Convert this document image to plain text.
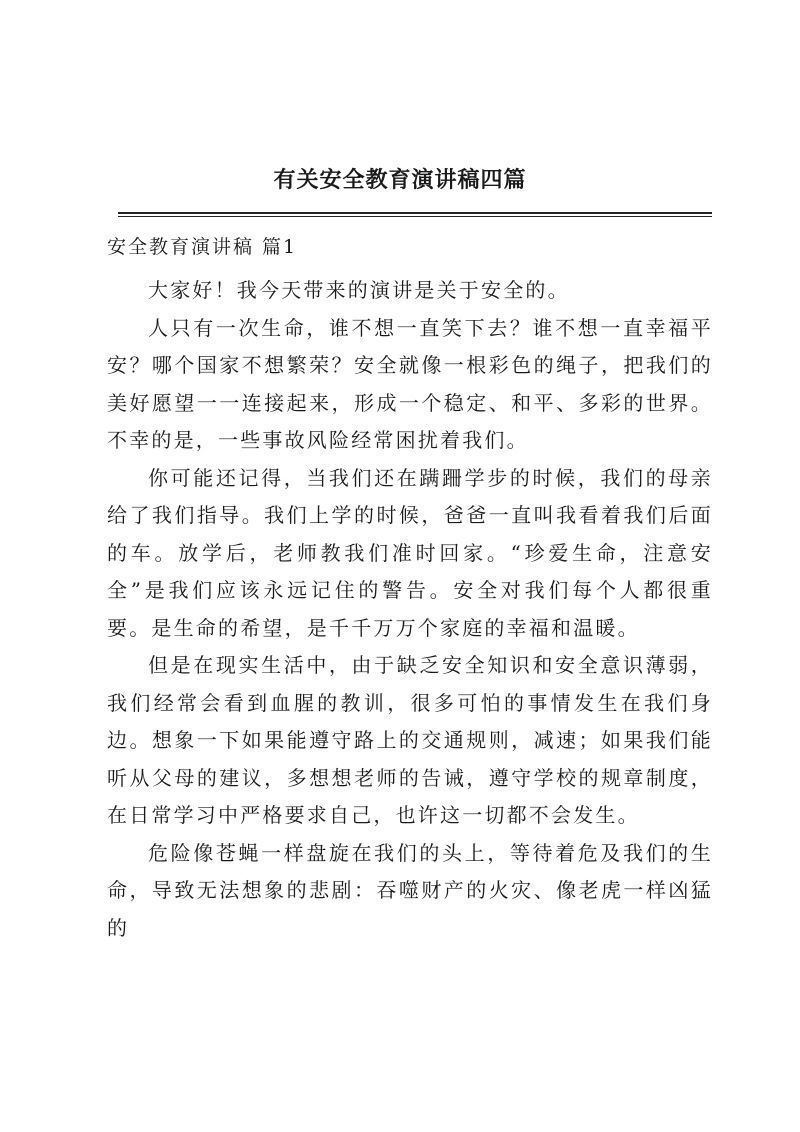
有关安全教育演讲稿四篇
安全教育演讲稿 篇1

大家好！我今天带来的演讲是关于安全的。

人只有一次生命，谁不想一直笑下去？谁不想一直幸福平安？哪个国家不想繁荣？安全就像一根彩色的绳子，把我们的美好愿望一一连接起来，形成一个稳定、和平、多彩的世界。不幸的是，一些事故风险经常困扰着我们。

你可能还记得，当我们还在蹒跚学步的时候，我们的母亲给了我们指导。我们上学的时候，爸爸一直叫我看着我们后面的车。放学后，老师教我们准时回家。“珍爱生命，注意安全”是我们应该永远记住的警告。安全对我们每个人都很重要。是生命的希望，是千千万万个家庭的幸福和温暖。

但是在现实生活中，由于缺乏安全知识和安全意识薄弱，我们经常会看到血腥的教训，很多可怕的事情发生在我们身边。想象一下如果能遵守路上的交通规则，减速；如果我们能听从父母的建议，多想想老师的告诫，遵守学校的规章制度，在日常学习中严格要求自己，也许这一切都不会发生。

危险像苍蝇一样盘旋在我们的头上，等待着危及我们的生命，导致无法想象的悲剧：吞噬财产的火灾、像老虎一样凶猛的
